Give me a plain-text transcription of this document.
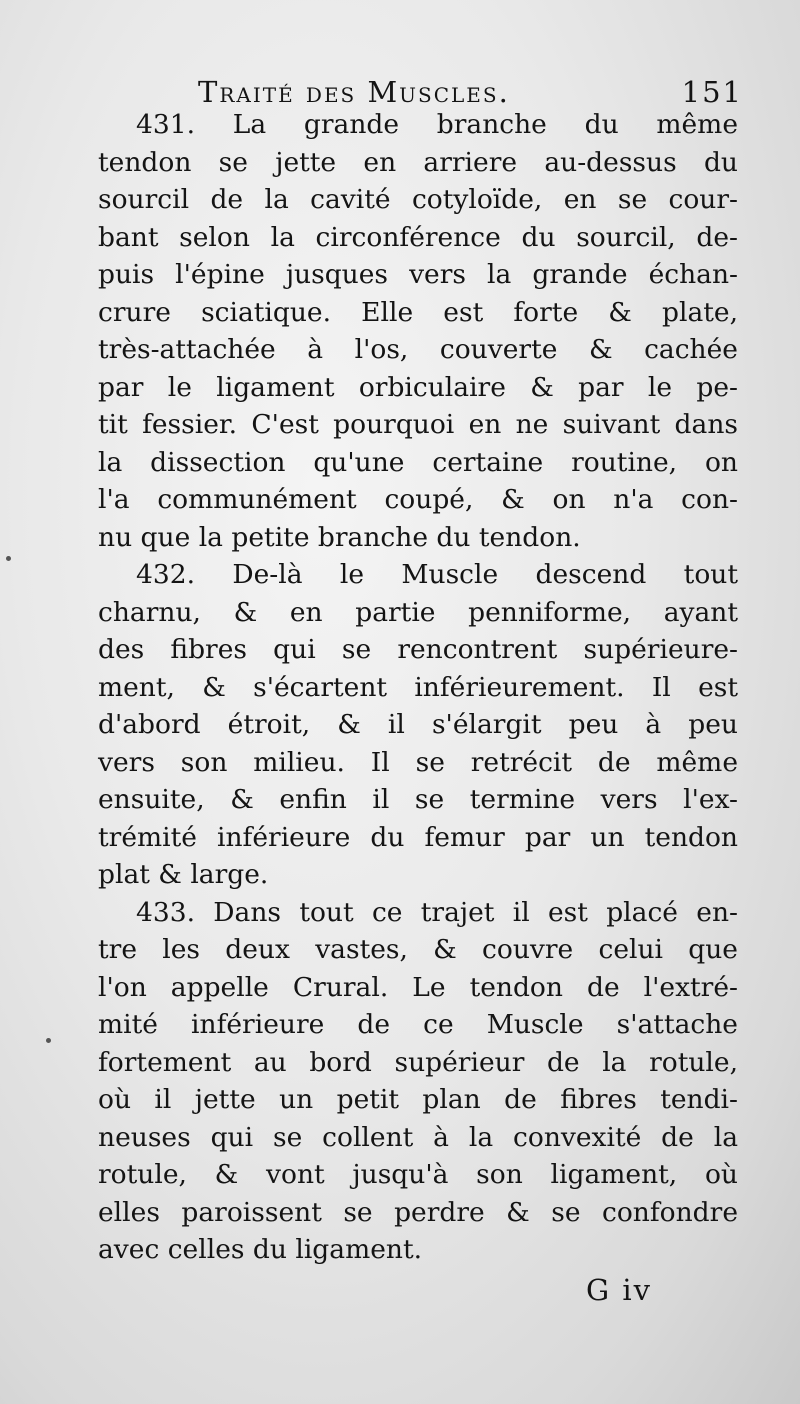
Traité des Muscles.	151
431. La grande branche du même
tendon se jette en arriere au-dessus du
sourcil de la cavité cotyloïde, en se cour-
bant selon la circonférence du sourcil, de-
puis l'épine jusques vers la grande échan-
crure sciatique. Elle est forte & plate,
très-attachée à l'os, couverte & cachée
par le ligament orbiculaire & par le pe-
tit fessier. C'est pourquoi en ne suivant dans
la dissection qu'une certaine routine, on
l'a communément coupé, & on n'a con-
nu que la petite branche du tendon.
432. De-là le Muscle descend tout
charnu, & en partie penniforme, ayant
des fibres qui se rencontrent supérieure-
ment, & s'écartent inférieurement. Il est
d'abord étroit, & il s'élargit peu à peu
vers son milieu. Il se retrécit de même
ensuite, & enfin il se termine vers l'ex-
trémité inférieure du femur par un tendon
plat & large.
433. Dans tout ce trajet il est placé en-
tre les deux vastes, & couvre celui que
l'on appelle Crural. Le tendon de l'extré-
mité inférieure de ce Muscle s'attache
fortement au bord supérieur de la rotule,
où il jette un petit plan de fibres tendi-
neuses qui se collent à la convexité de la
rotule, & vont jusqu'à son ligament, où
elles paroissent se perdre & se confondre
avec celles du ligament.
G iv
